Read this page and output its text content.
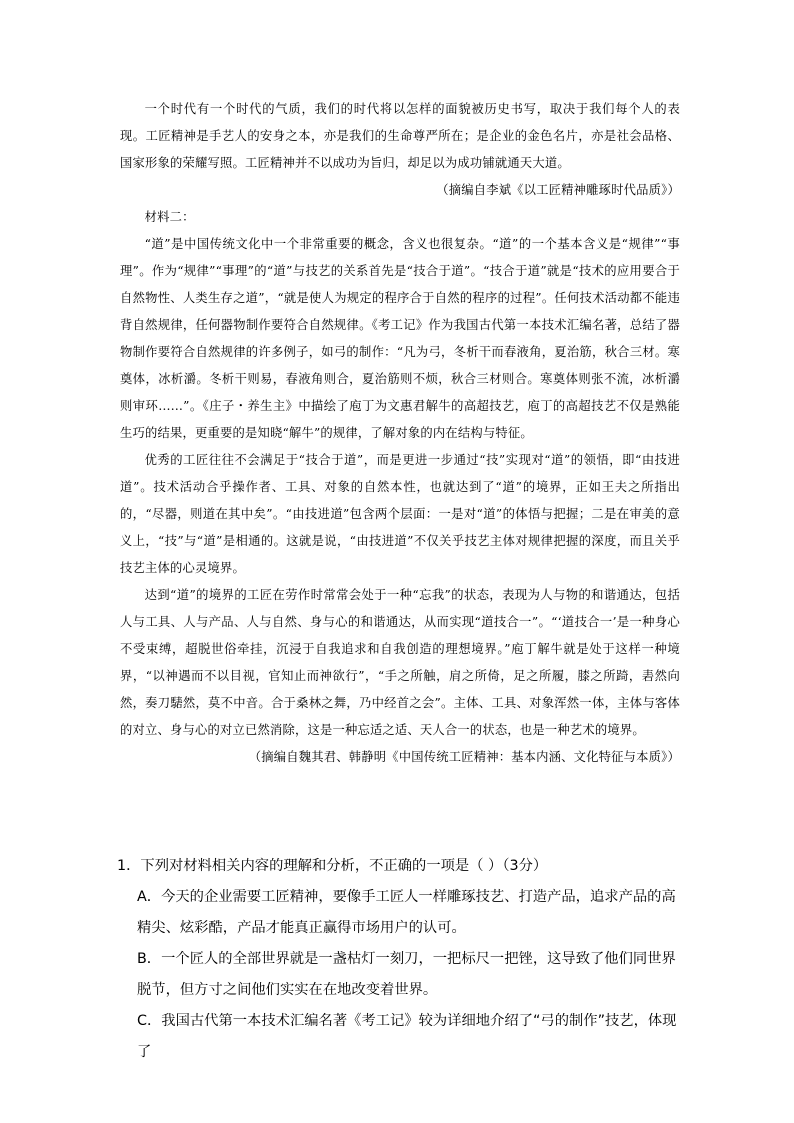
一个时代有一个时代的气质，我们的时代将以怎样的面貌被历史书写，取决于我们每个人的表现。工匠精神是手艺人的安身之本，亦是我们的生命尊严所在；是企业的金色名片，亦是社会品格、国家形象的荣耀写照。工匠精神并不以成功为旨归，却足以为成功铺就通天大道。

（摘编自李斌《以工匠精神雕琢时代品质》）

材料二：

“道”是中国传统文化中一个非常重要的概念，含义也很复杂。“道”的一个基本含义是“规律”“事理”。作为“规律”“事理”的“道”与技艺的关系首先是“技合于道”。“技合于道”就是“技术的应用要合于自然物性、人类生存之道”，“就是使人为规定的程序合于自然的程序的过程”。任何技术活动都不能违背自然规律，任何器物制作要符合自然规律。《考工记》作为我国古代第一本技术汇编名著，总结了器物制作要符合自然规律的许多例子，如弓的制作：“凡为弓，冬析干而春液角，夏治筋，秋合三材。寒奠体，冰析灂。冬析干则易，春液角则合，夏治筋则不烦，秋合三材则合。寒奠体则张不流，冰析灂则审环……”。《庄子・养生主》中描绘了庖丁为文惠君解牛的高超技艺，庖丁的高超技艺不仅是熟能生巧的结果，更重要的是知晓“解牛”的规律，了解对象的内在结构与特征。

优秀的工匠往往不会满足于“技合于道”，而是更进一步通过“技”实现对“道”的领悟，即“由技进道”。技术活动合乎操作者、工具、对象的自然本性，也就达到了“道”的境界，正如王夫之所指出的，“尽器，则道在其中矣”。“由技进道”包含两个层面：一是对“道”的体悟与把握；二是在审美的意义上，“技”与“道”是相通的。这就是说，“由技进道”不仅关乎技艺主体对规律把握的深度，而且关乎技艺主体的心灵境界。

达到“道”的境界的工匠在劳作时常常会处于一种“忘我”的状态，表现为人与物的和谐通达，包括人与工具、人与产品、人与自然、身与心的和谐通达，从而实现“道技合一”。“‘道技合一’是一种身心不受束缚，超脱世俗牵挂，沉浸于自我追求和自我创造的理想境界。”庖丁解牛就是处于这样一种境界，“以神遇而不以目视，官知止而神欲行”，“手之所触，肩之所倚，足之所履，膝之所踦，砉然向然，奏刀騞然，莫不中音。合于桑林之舞，乃中经首之会”。主体、工具、对象浑然一体，主体与客体的对立、身与心的对立已然消除，这是一种忘适之适、天人合一的状态，也是一种艺术的境界。

（摘编自魏其君、韩静明《中国传统工匠精神：基本内涵、文化特征与本质》）

1．下列对材料相关内容的理解和分析，不正确的一项是（ ）（3分）

A．今天的企业需要工匠精神，要像手工匠人一样雕琢技艺、打造产品，追求产品的高

精尖、炫彩酷，产品才能真正赢得市场用户的认可。

B．一个匠人的全部世界就是一盏枯灯一刻刀，一把标尺一把锉，这导致了他们同世界

脱节，但方寸之间他们实实在在地改变着世界。

C．我国古代第一本技术汇编名著《考工记》较为详细地介绍了“弓的制作”技艺，体现了
